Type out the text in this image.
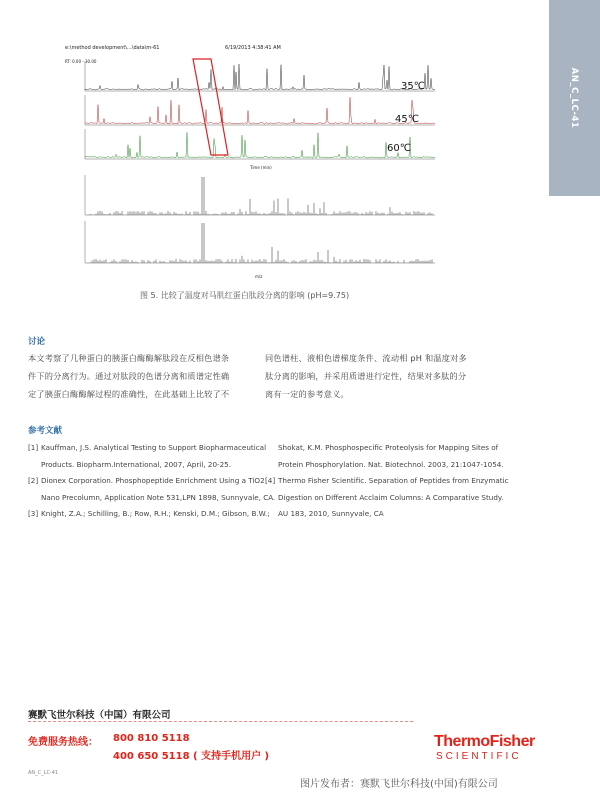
AN_C_LC-41
e:\method development\...\data\m-61	6/19/2013 4:38:41 AM
RT: 0.00 - 30.00
35℃
45℃
60℃
Time (min)
m/z
图 5. 比较了温度对马肌红蛋白肽段分离的影响 (pH=9.75)
讨论
本文考察了几种蛋白的胰蛋白酶酶解肽段在反相色谱条
件下的分离行为。通过对肽段的色谱分离和质谱定性确
定了胰蛋白酶酶解过程的准确性，在此基础上比较了不
同色谱柱、液相色谱梯度条件、流动相 pH 和温度对多
肽分离的影响，并采用质谱进行定性，结果对多肽的分
离有一定的参考意义。
参考文献
[1] Kauffman, J.S. Analytical Testing to Support Biopharmaceutical
Products. Biopharm.International, 2007, April, 20-25.
[2] Dionex Corporation. Phosphopeptide Enrichment Using a TiO2
Nano Precolumn, Application Note 531,LPN 1898, Sunnyvale, CA.
[3] Knight, Z.A.; Schilling, B.; Row, R.H.; Kenski, D.M.; Gibson, B.W.;
Shokat, K.M. Phosphospecific Proteolysis for Mapping Sites of
Protein Phosphorylation. Nat. Biotechnol. 2003, 21:1047-1054.
[4] Thermo Fisher Scientific. Separation of Peptides from Enzymatic
Digestion on Different Acclaim Columns: A Comparative Study.
AU 183, 2010, Sunnyvale, CA
赛默飞世尔科技（中国）有限公司
免费服务热线： 800 810 5118
400 650 5118 ( 支持手机用户 )
ThermoFisher
SCIENTIFIC
AN_C_LC-41
图片发布者：赛默飞世尔科技(中国)有限公司
